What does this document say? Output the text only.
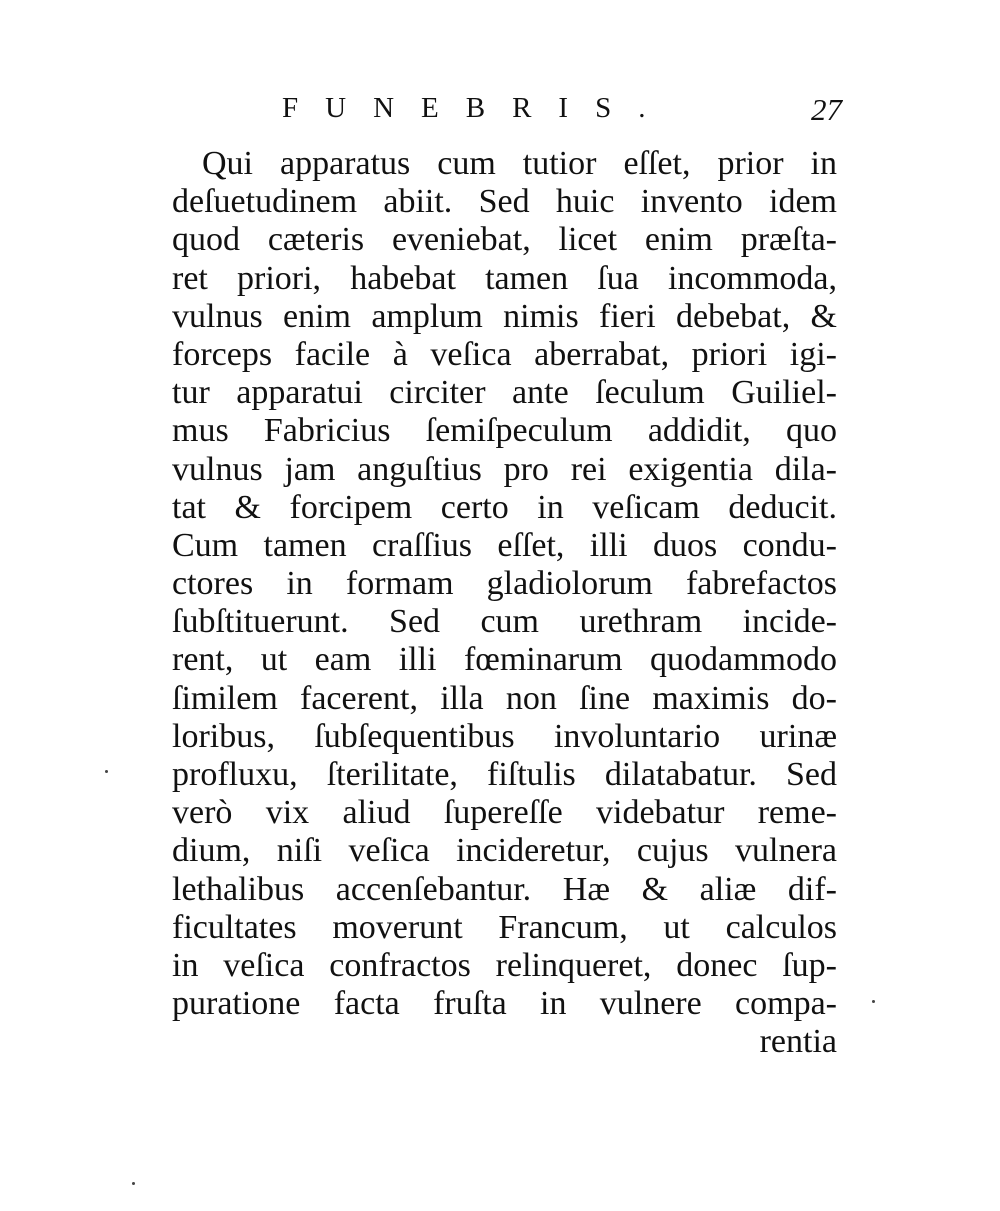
FUNEBRIS.	27
Qui apparatus cum tutior eſſet, prior in
deſuetudinem abiit. Sed huic invento idem
quod cæteris eveniebat, licet enim præſta-
ret priori, habebat tamen ſua incommoda,
vulnus enim amplum nimis fieri debebat, &
forceps facile à veſica aberrabat, priori igi-
tur apparatui circiter ante ſeculum Guiliel-
mus Fabricius ſemiſpeculum addidit, quo
vulnus jam anguſtius pro rei exigentia dila-
tat & forcipem certo in veſicam deducit.
Cum tamen craſſius eſſet, illi duos condu-
ctores in formam gladiolorum fabrefactos
ſubſtituerunt. Sed cum urethram incide-
rent, ut eam illi fœminarum quodammodo
ſimilem facerent, illa non ſine maximis do-
loribus, ſubſequentibus involuntario urinæ
profluxu, ſterilitate, fiſtulis dilatabatur. Sed
verò vix aliud ſupereſſe videbatur reme-
dium, niſi veſica incideretur, cujus vulnera
lethalibus accenſebantur. Hæ & aliæ dif-
ficultates moverunt Francum, ut calculos
in veſica confractos relinqueret, donec ſup-
puratione facta fruſta in vulnere compa-
rentia
